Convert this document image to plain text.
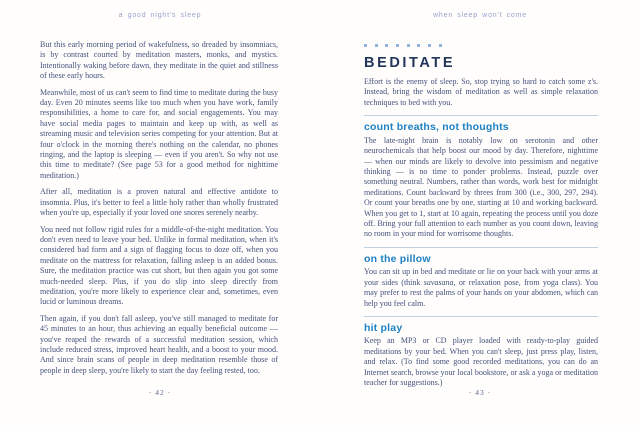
a good night's sleep

But this early morning period of wakefulness, so dreaded by insomniacs, is by contrast courted by meditation masters, monks, and mystics. Intentionally waking before dawn, they meditate in the quiet and stillness of these early hours.

Meanwhile, most of us can't seem to find time to meditate during the busy day. Even 20 minutes seems like too much when you have work, family responsibilities, a home to care for, and social engagements. You may have social media pages to maintain and keep up with, as well as streaming music and television series competing for your attention. But at four o'clock in the morning there's nothing on the calendar, no phones ringing, and the laptop is sleeping — even if you aren't. So why not use this time to meditate? (See page 53 for a good method for nighttime meditation.)

After all, meditation is a proven natural and effective antidote to insomnia. Plus, it's better to feel a little holy rather than wholly frustrated when you're up, especially if your loved one snores serenely nearby.

You need not follow rigid rules for a middle-of-the-night meditation. You don't even need to leave your bed. Unlike in formal meditation, when it's considered bad form and a sign of flagging focus to doze off, when you meditate on the mattress for relaxation, falling asleep is an added bonus. Sure, the meditation practice was cut short, but then again you got some much-needed sleep. Plus, if you do slip into sleep directly from meditation, you're more likely to experience clear and, sometimes, even lucid or luminous dreams.

Then again, if you don't fall asleep, you've still managed to meditate for 45 minutes to an hour, thus achieving an equally beneficial outcome — you've reaped the rewards of a successful meditation session, which include reduced stress, improved heart health, and a boost to your mood. And since brain scans of people in deep meditation resemble those of people in deep sleep, you're likely to start the day feeling rested, too.

· 42 ·
when sleep won't come
BEDITATE

Effort is the enemy of sleep. So, stop trying so hard to catch some z's. Instead, bring the wisdom of meditation as well as simple relaxation techniques to bed with you.

count breaths, not thoughts

The late-night brain is notably low on serotonin and other neurochemicals that help boost our mood by day. Therefore, nighttime — when our minds are likely to devolve into pessimism and negative thinking — is no time to ponder problems. Instead, puzzle over something neutral. Numbers, rather than words, work best for midnight meditations. Count backward by threes from 300 (i.e., 300, 297, 294). Or count your breaths one by one, starting at 10 and working backward. When you get to 1, start at 10 again, repeating the process until you doze off. Bring your full attention to each number as you count down, leaving no room in your mind for worrisome thoughts.

on the pillow

You can sit up in bed and meditate or lie on your back with your arms at your sides (think savasana, or relaxation pose, from yoga class). You may prefer to rest the palms of your hands on your abdomen, which can help you feel calm.

hit play

Keep an MP3 or CD player loaded with ready-to-play guided meditations by your bed. When you can't sleep, just press play, listen, and relax. (To find some good recorded meditations, you can do an Internet search, browse your local bookstore, or ask a yoga or meditation teacher for suggestions.)

· 43 ·
